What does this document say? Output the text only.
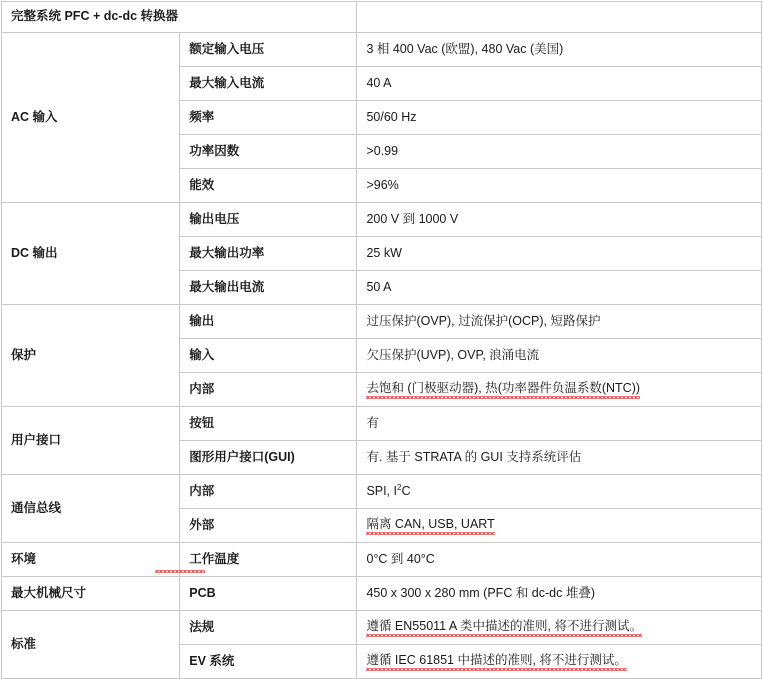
完整系统 PFC + dc-dc 转换器		
AC 输入	额定输入电压	3 相 400 Vac (欧盟), 480 Vac (美国)
	最大输入电流	40 A
	频率	50/60 Hz
	功率因数	>0.99
	能效	>96%
DC 输出	输出电压	200 V 到 1000 V
	最大输出功率	25 kW
	最大输出电流	50 A
保护	输出	过压保护(OVP), 过流保护(OCP), 短路保护
	输入	欠压保护(UVP), OVP, 浪涌电流
	内部	去饱和 (门极驱动器), 热(功率器件负温系数(NTC))
用户接口	按钮	有
	图形用户接口(GUI)	有. 基于 STRATA 的 GUI 支持系统评估
通信总线	内部	SPI, $I^2C$
	外部	隔离 CAN, USB, UART
环境	工作温度	0°C 到 40°C
最大机械尺寸	PCB	450 x 300 x 280 mm (PFC 和 dc-dc 堆叠)
标准	法规	遵循 EN55011 A 类中描述的准则, 将不进行测试。
	EV 系统	遵循 IEC 61851 中描述的准则, 将不进行测试。
